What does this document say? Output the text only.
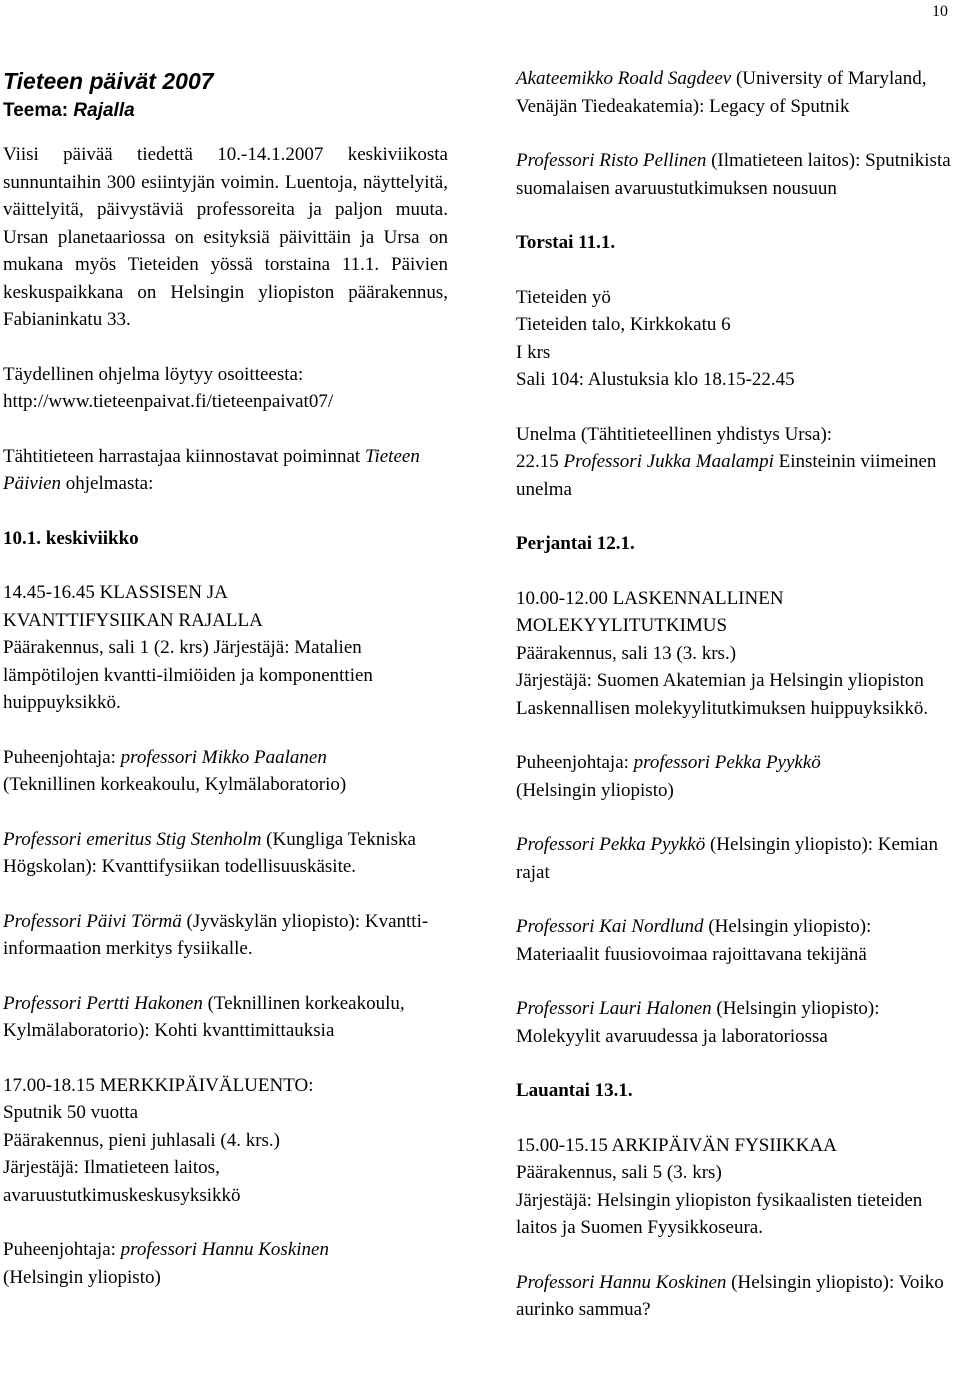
10
Tieteen päivät 2007
Teema: Rajalla

Viisi päivää tiedettä 10.-14.1.2007 keskiviikosta sunnuntaihin 300 esiintyjän voimin. Luentoja, näyttelyitä, väittelyitä, päivystäviä professoreita ja paljon muuta. Ursan planetaariossa on esityksiä päivittäin ja Ursa on mukana myös Tieteiden yössä torstaina 11.1. Päivien keskuspaikkana on Helsingin yliopiston päärakennus, Fabianinkatu 33.

Täydellinen ohjelma löytyy osoitteesta:
http://www.tieteenpaivat.fi/tieteenpaivat07/

Tähtitieteen harrastajaa kiinnostavat poiminnat Tieteen Päivien ohjelmasta:

10.1. keskiviikko

14.45-16.45 KLASSISEN JA
KVANTTIFYSIIKAN RAJALLA
Päärakennus, sali 1 (2. krs) Järjestäjä: Matalien lämpötilojen kvantti-ilmiöiden ja komponenttien huippuyksikkö.

Puheenjohtaja: professori Mikko Paalanen
(Teknillinen korkeakoulu, Kylmälaboratorio)

Professori emeritus Stig Stenholm (Kungliga Tekniska Högskolan): Kvanttifysiikan todellisuuskäsite.

Professori Päivi Törmä (Jyväskylän yliopisto): Kvantti-informaation merkitys fysiikalle.

Professori Pertti Hakonen (Teknillinen korkeakoulu, Kylmälaboratorio): Kohti kvanttimittauksia

17.00-18.15 MERKKIPÄIVÄLUENTO:
Sputnik 50 vuotta
Päärakennus, pieni juhlasali (4. krs.)
Järjestäjä: Ilmatieteen laitos,
avaruustutkimuskeskusyksikkö

Puheenjohtaja: professori Hannu Koskinen
(Helsingin yliopisto)

Akateemikko Roald Sagdeev (University of Maryland, Venäjän Tiedeakatemia): Legacy of Sputnik

Professori Risto Pellinen (Ilmatieteen laitos): Sputnikista suomalaisen avaruustutkimuksen nousuun

Torstai 11.1.

Tieteiden yö
Tieteiden talo, Kirkkokatu 6
I krs
Sali 104: Alustuksia klo 18.15-22.45

Unelma (Tähtitieteellinen yhdistys Ursa):
22.15 Professori Jukka Maalampi Einsteinin viimeinen unelma

Perjantai 12.1.

10.00-12.00 LASKENNALLINEN
MOLEKYYLITUTKIMUS
Päärakennus, sali 13 (3. krs.)
Järjestäjä: Suomen Akatemian ja Helsingin yliopiston Laskennallisen molekyylitutkimuksen huippuyksikkö.

Puheenjohtaja: professori Pekka Pyykkö
(Helsingin yliopisto)

Professori Pekka Pyykkö (Helsingin yliopisto): Kemian rajat

Professori Kai Nordlund (Helsingin yliopisto): Materiaalit fuusiovoimaa rajoittavana tekijänä

Professori Lauri Halonen (Helsingin yliopisto): Molekyylit avaruudessa ja laboratoriossa

Lauantai 13.1.

15.00-15.15 ARKIPÄIVÄN FYSIIKKAA
Päärakennus, sali 5 (3. krs)
Järjestäjä: Helsingin yliopiston fysikaalisten tieteiden laitos ja Suomen Fyysikkoseura.

Professori Hannu Koskinen (Helsingin yliopisto): Voiko aurinko sammua?
